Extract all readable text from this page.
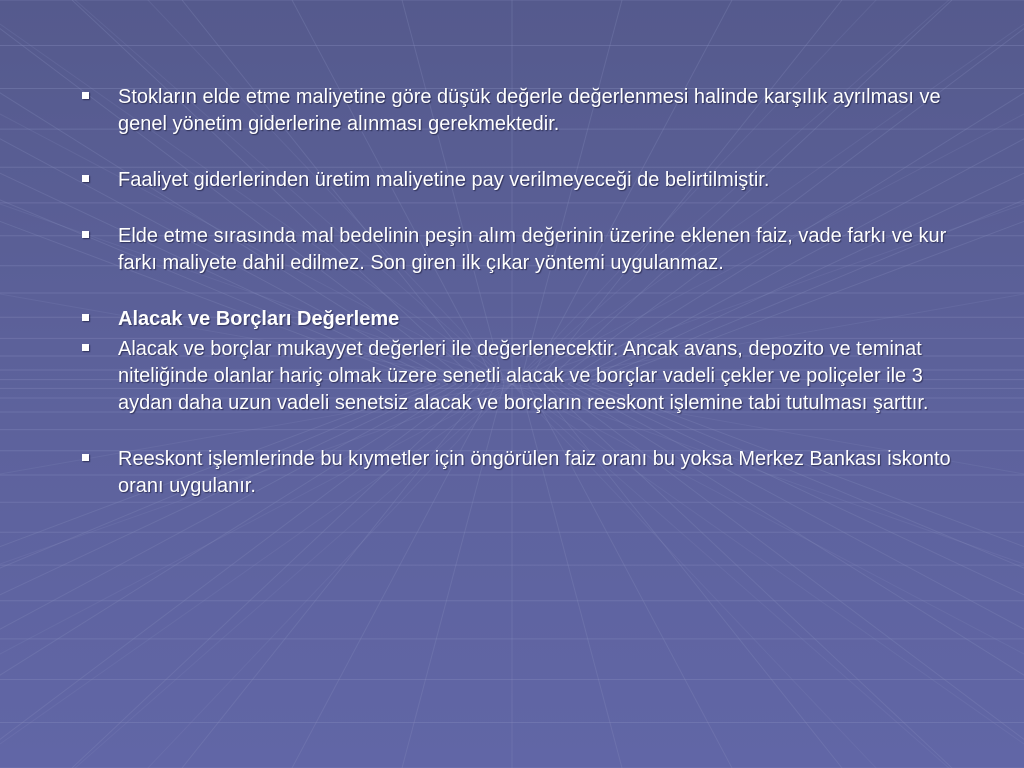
Stokların elde etme maliyetine göre düşük değerle değerlenmesi halinde karşılık ayrılması ve genel yönetim giderlerine alınması gerekmektedir.
Faaliyet giderlerinden üretim maliyetine pay verilmeyeceği de belirtilmiştir.
Elde etme sırasında mal bedelinin peşin alım değerinin üzerine eklenen faiz, vade farkı ve kur farkı maliyete dahil edilmez. Son giren ilk çıkar yöntemi uygulanmaz.
Alacak ve Borçları Değerleme
Alacak ve borçlar mukayyet değerleri ile değerlenecektir. Ancak avans, depozito ve teminat niteliğinde olanlar hariç olmak üzere senetli alacak ve borçlar vadeli çekler ve poliçeler ile 3 aydan daha uzun vadeli senetsiz alacak ve borçların reeskont işlemine tabi tutulması şarttır.
Reeskont işlemlerinde bu kıymetler için öngörülen faiz oranı bu yoksa Merkez Bankası iskonto oranı uygulanır.
